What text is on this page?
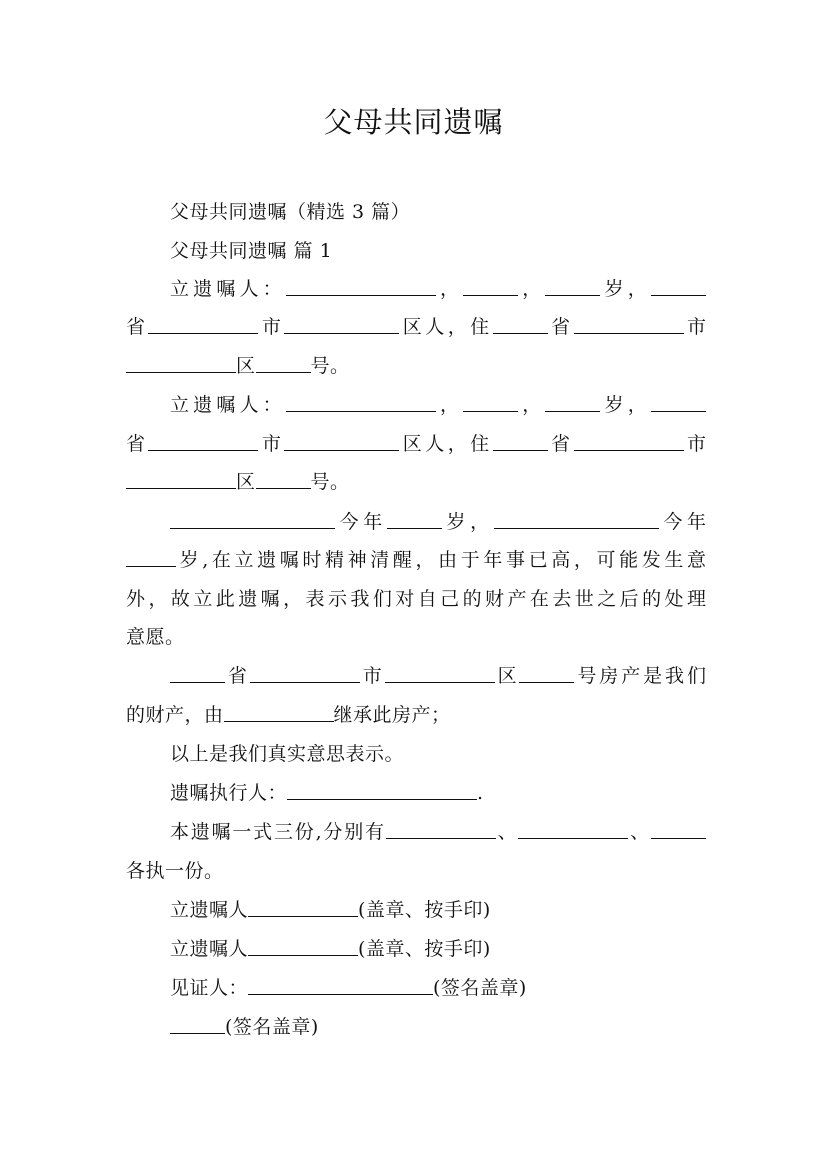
父母共同遗嘱
父母共同遗嘱（精选 3 篇）
父母共同遗嘱 篇 1
立遗嘱人：	，	，	岁，
省	市	区人，住	省	市
区	号。
立遗嘱人：	，	，	岁，
省	市	区人，住	省	市
区	号。
今年	岁，	今年
岁,在立遗嘱时精神清醒，由于年事已高，可能发生意
外，故立此遗嘱，表示我们对自己的财产在去世之后的处理
意愿。
省	市	区	号房产是我们
的财产，由	继承此房产；
以上是我们真实意思表示。
遗嘱执行人：	.
本遗嘱一式三份,分别有	、	、
各执一份。
立遗嘱人	(盖章、按手印)
立遗嘱人	(盖章、按手印)
见证人：	(签名盖章)
(签名盖章)
